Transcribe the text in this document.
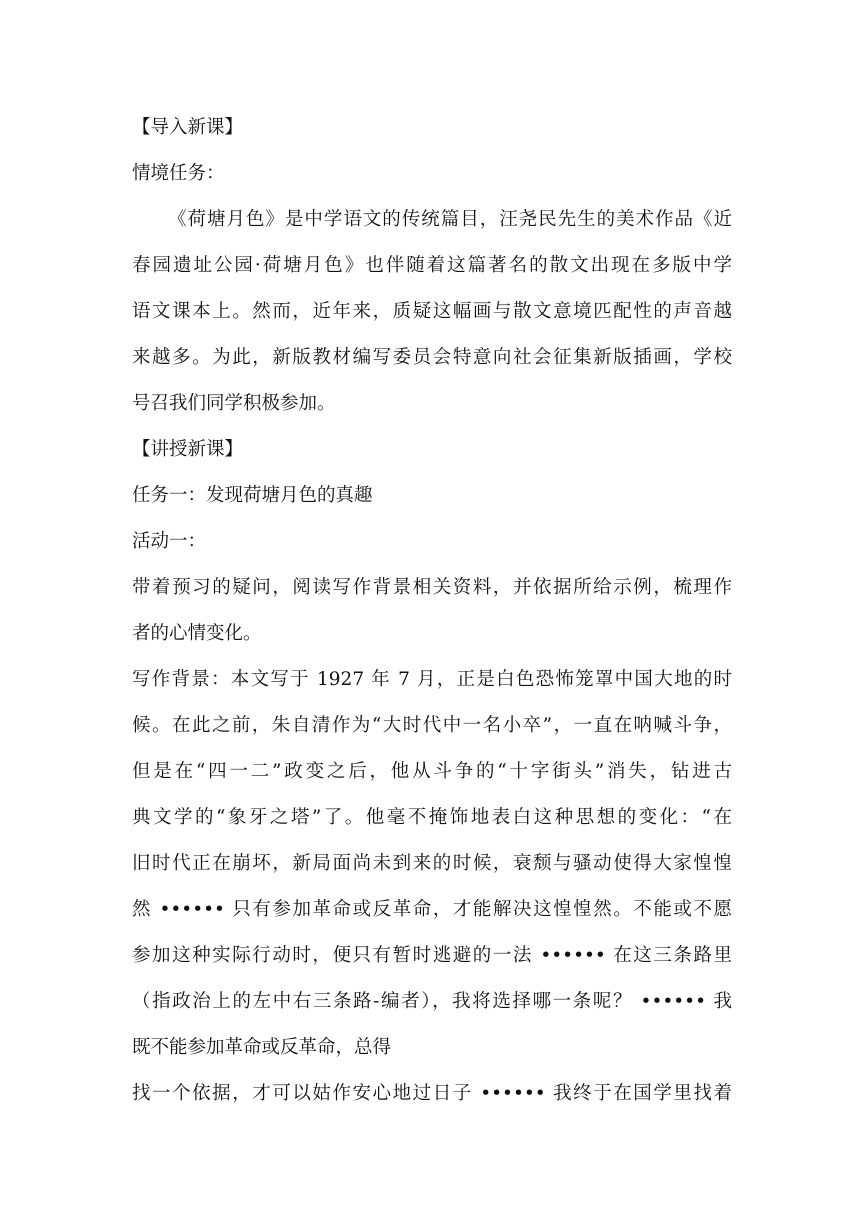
【导入新课】
情境任务：
《荷塘月色》是中学语文的传统篇目，汪尧民先生的美术作品《近
春园遗址公园·荷塘月色》也伴随着这篇著名的散文出现在多版中学
语文课本上。然而，近年来，质疑这幅画与散文意境匹配性的声音越
来越多。为此，新版教材编写委员会特意向社会征集新版插画，学校
号召我们同学积极参加。
【讲授新课】
任务一：发现荷塘月色的真趣
活动一：
带着预习的疑问，阅读写作背景相关资料，并依据所给示例，梳理作
者的心情变化。
写作背景：本文写于 1927 年 7 月，正是白色恐怖笼罩中国大地的时
候。在此之前，朱自清作为“大时代中一名小卒”，一直在呐喊斗争，
但是在“四一二”政变之后，他从斗争的“十字街头”消失，钻进古
典文学的“象牙之塔”了。他毫不掩饰地表白这种思想的变化：“在
旧时代正在崩坏，新局面尚未到来的时候，衰颓与骚动使得大家惶惶
然 •••••• 只有参加革命或反革命，才能解决这惶惶然。不能或不愿
参加这种实际行动时，便只有暂时逃避的一法 •••••• 在这三条路里
（指政治上的左中右三条路-编者），我将选择哪一条呢？ •••••• 我
既不能参加革命或反革命，总得
找一个依据，才可以姑作安心地过日子 •••••• 我终于在国学里找着
